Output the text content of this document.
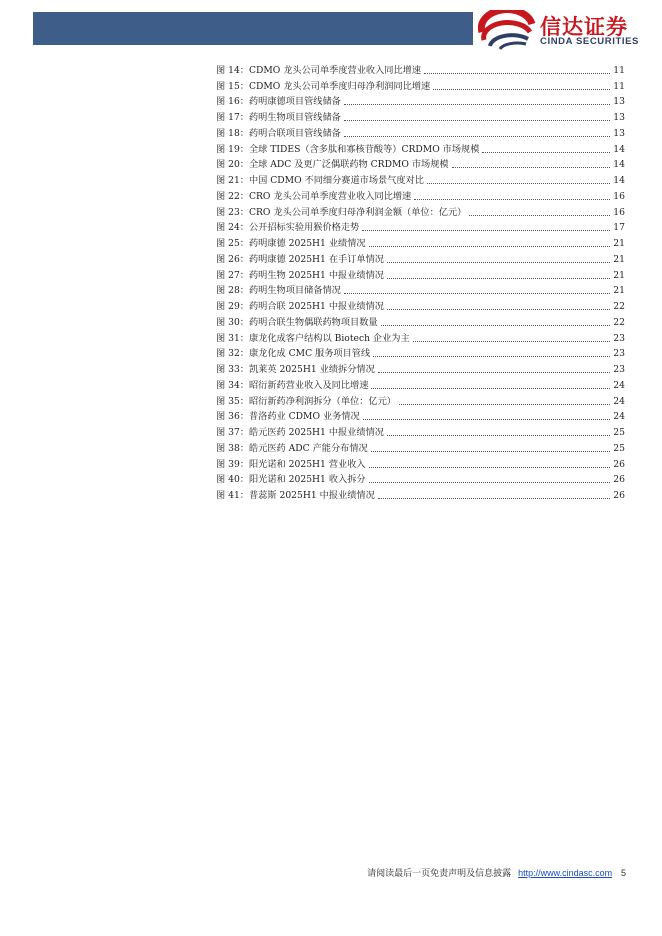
信达证券
CINDA SECURITIES
图 14：CDMO 龙头公司单季度营业收入同比增速	11
图 15：CDMO 龙头公司单季度归母净利润同比增速	11
图 16：药明康德项目管线储备	13
图 17：药明生物项目管线储备	13
图 18：药明合联项目管线储备	13
图 19：全球 TIDES（含多肽和寡核苷酸等）CRDMO 市场规模	14
图 20：全球 ADC 及更广泛偶联药物 CRDMO 市场规模	14
图 21：中国 CDMO 不同细分赛道市场景气度对比	14
图 22：CRO 龙头公司单季度营业收入同比增速	16
图 23：CRO 龙头公司单季度归母净利润金额（单位：亿元）	16
图 24：公开招标实验用猴价格走势	17
图 25：药明康德 2025H1 业绩情况	21
图 26：药明康德 2025H1 在手订单情况	21
图 27：药明生物 2025H1 中报业绩情况	21
图 28：药明生物项目储备情况	21
图 29：药明合联 2025H1 中报业绩情况	22
图 30：药明合联生物偶联药物项目数量	22
图 31：康龙化成客户结构以 Biotech 企业为主	23
图 32：康龙化成 CMC 服务项目管线	23
图 33：凯莱英 2025H1 业绩拆分情况	23
图 34：昭衍新药营业收入及同比增速	24
图 35：昭衍新药净利润拆分（单位：亿元）	24
图 36：普洛药业 CDMO 业务情况	24
图 37：皓元医药 2025H1 中报业绩情况	25
图 38：皓元医药 ADC 产能分布情况	25
图 39：阳光诺和 2025H1 营业收入	26
图 40：阳光诺和 2025H1 收入拆分	26
图 41：普蕊斯 2025H1 中报业绩情况	26
请阅读最后一页免责声明及信息披露 http://www.cindasc.com 5
